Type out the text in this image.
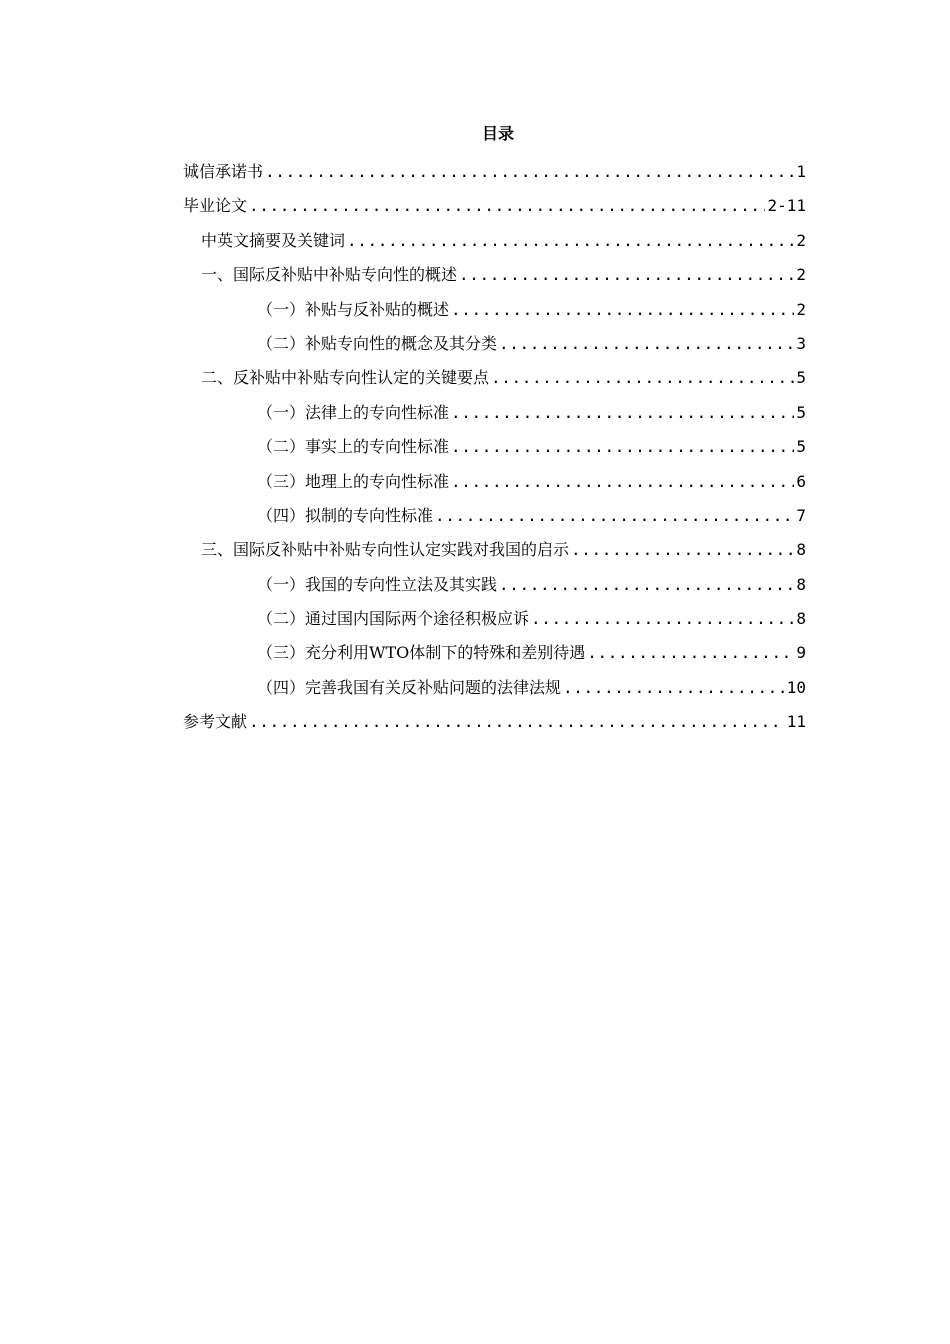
目录
诚信承诺书 .....	1
毕业论文 .....	2-11
中英文摘要及关键词 .....	2
一、国际反补贴中补贴专向性的概述 .....	2
（一）补贴与反补贴的概述 .....	2
（二）补贴专向性的概念及其分类 .....	3
二、反补贴中补贴专向性认定的关键要点 .....	5
（一）法律上的专向性标准 .....	5
（二）事实上的专向性标准 .....	5
（三）地理上的专向性标准 .....	6
（四）拟制的专向性标准 .....	7
三、国际反补贴中补贴专向性认定实践对我国的启示 .....	8
（一）我国的专向性立法及其实践 .....	8
（二）通过国内国际两个途径积极应诉 .....	8
（三）充分利用WTO体制下的特殊和差别待遇 .....	9
（四）完善我国有关反补贴问题的法律法规 .....	10
参考文献 .....	11
